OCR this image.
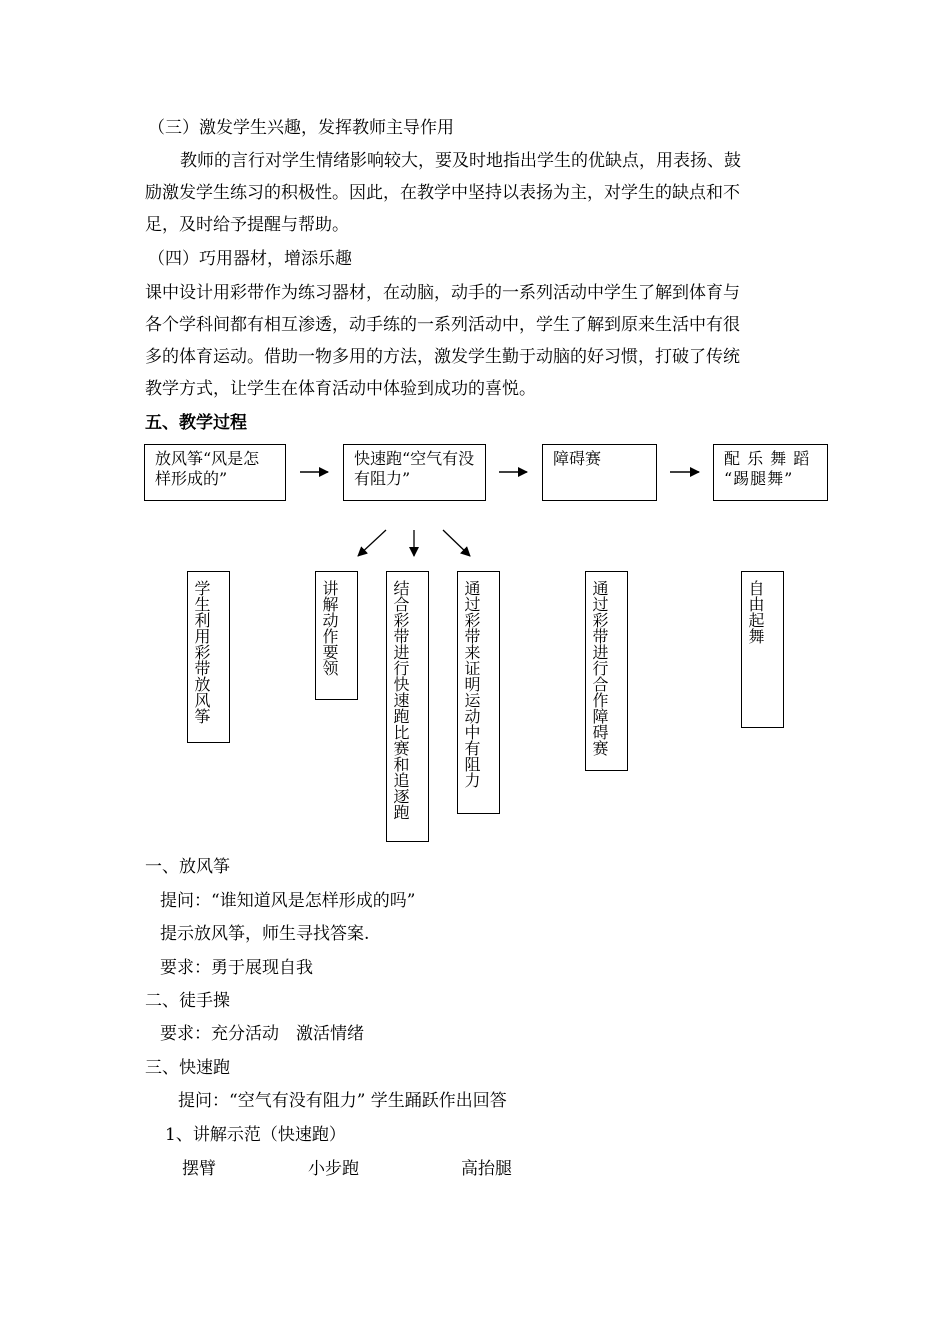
（三）激发学生兴趣，发挥教师主导作用
教师的言行对学生情绪影响较大，要及时地指出学生的优缺点，用表扬、鼓
励激发学生练习的积极性。因此，在教学中坚持以表扬为主，对学生的缺点和不
足，及时给予提醒与帮助。
（四）巧用器材，增添乐趣
课中设计用彩带作为练习器材，在动脑，动手的一系列活动中学生了解到体育与
各个学科间都有相互渗透，动手练的一系列活动中，学生了解到原来生活中有很
多的体育运动。借助一物多用的方法，激发学生勤于动脑的好习惯，打破了传统
教学方式，让学生在体育活动中体验到成功的喜悦。
五、教学过程
放风筝“风是怎样形成的”
快速跑“空气有没有阻力”
障碍赛	配 乐 舞 蹈 “踢腿舞”
学生利用彩带放风筝	讲解动作要领	结合彩带进行快速跑比赛和追逐跑	通过彩带来证明运动中有阻力	通过彩带进行合作障碍赛	自由起舞
一、放风筝
提问：“谁知道风是怎样形成的吗”
提示放风筝，师生寻找答案.
要求：勇于展现自我
二、徒手操
要求：充分活动　激活情绪
三、快速跑
提问：“空气有没有阻力” 学生踊跃作出回答
1、讲解示范（快速跑）
摆臂	小步跑	高抬腿
